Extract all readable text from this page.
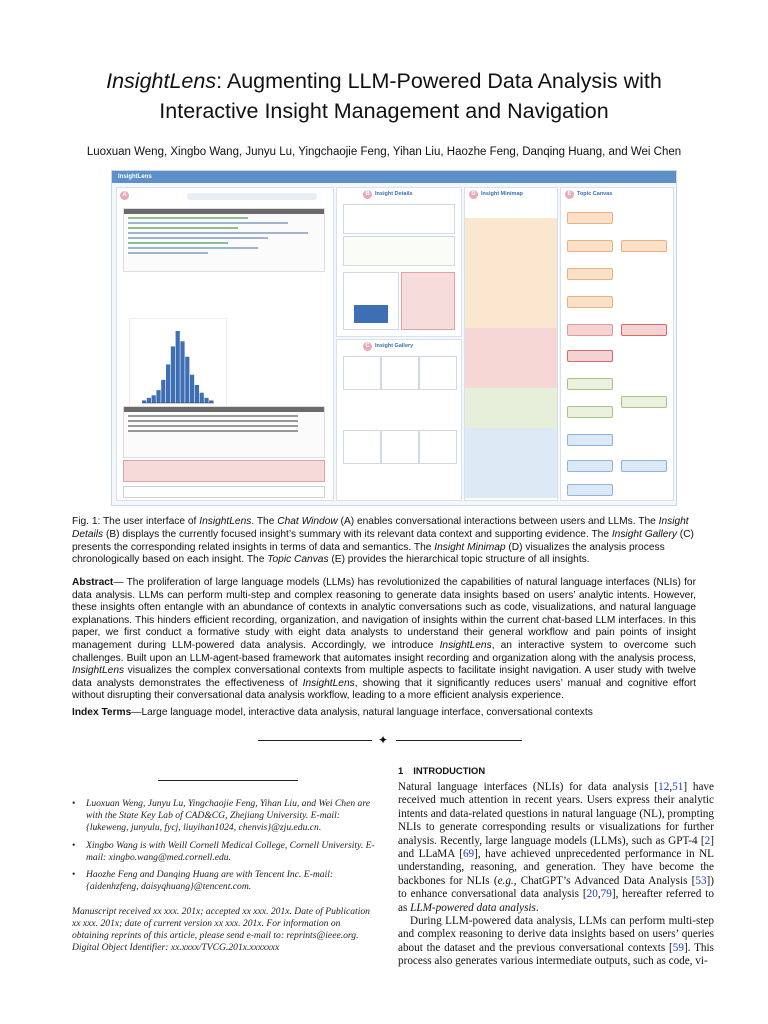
InsightLens: Augmenting LLM-Powered Data Analysis with
Interactive Insight Management and Navigation
Luoxuan Weng, Xingbo Wang, Junyu Lu, Yingchaojie Feng, Yihan Liu, Haozhe Feng, Danqing Huang, and Wei Chen
InsightLens
A	B Insight Details
C Insight Gallery
D Insight Minimap	E	Topic Canvas
Fig. 1: The user interface of InsightLens. The Chat Window (A) enables conversational interactions between users and LLMs. The Insight Details (B) displays the currently focused insight’s summary with its relevant data context and supporting evidence. The Insight Gallery (C) presents the corresponding related insights in terms of data and semantics. The Insight Minimap (D) visualizes the analysis process chronologically based on each insight. The Topic Canvas (E) provides the hierarchical topic structure of all insights.
Abstract— The proliferation of large language models (LLMs) has revolutionized the capabilities of natural language interfaces (NLIs) for data analysis. LLMs can perform multi-step and complex reasoning to generate data insights based on users’ analytic intents. However, these insights often entangle with an abundance of contexts in analytic conversations such as code, visualizations, and natural language explanations. This hinders efficient recording, organization, and navigation of insights within the current chat-based LLM interfaces. In this paper, we first conduct a formative study with eight data analysts to understand their general workflow and pain points of insight management during LLM-powered data analysis. Accordingly, we introduce InsightLens, an interactive system to overcome such challenges. Built upon an LLM-agent-based framework that automates insight recording and organization along with the analysis process, InsightLens visualizes the complex conversational contexts from multiple aspects to facilitate insight navigation. A user study with twelve data analysts demonstrates the effectiveness of InsightLens, showing that it significantly reduces users’ manual and cognitive effort without disrupting their conversational data analysis workflow, leading to a more efficient analysis experience.
Index Terms—Large language model, interactive data analysis, natural language interface, conversational contexts
✦
• Luoxuan Weng, Junyu Lu, Yingchaojie Feng, Yihan Liu, and Wei Chen are with the State Key Lab of CAD&CG, Zhejiang University. E-mail: {lukeweng, junyulu, fycj, liuyihan1024, chenvis}@zju.edu.cn.
• Xingbo Wang is with Weill Cornell Medical College, Cornell University. E-mail: xingbo.wang@med.cornell.edu.
• Haozhe Feng and Danqing Huang are with Tencent Inc. E-mail: {aidenhzfeng, daisyqhuang}@tencent.com.
Manuscript received xx xxx. 201x; accepted xx xxx. 201x. Date of Publication xx xxx. 201x; date of current version xx xxx. 201x. For information on obtaining reprints of this article, please send e-mail to: reprints@ieee.org. Digital Object Identifier: xx.xxxx/TVCG.201x.xxxxxxx
1 INTRODUCTION

Natural language interfaces (NLIs) for data analysis [12,51] have received much attention in recent years. Users express their analytic intents and data-related questions in natural language (NL), prompting NLIs to generate corresponding results or visualizations for further analysis. Recently, large language models (LLMs), such as GPT-4 [2] and LLaMA [69], have achieved unprecedented performance in NL understanding, reasoning, and generation. They have become the backbones for NLIs (e.g., ChatGPT’s Advanced Data Analysis [53]) to enhance conversational data analysis [20,79], hereafter referred to as LLM-powered data analysis.

During LLM-powered data analysis, LLMs can perform multi-step and complex reasoning to derive data insights based on users’ queries about the dataset and the previous conversational contexts [59]. This process also generates various intermediate outputs, such as code, vi-
